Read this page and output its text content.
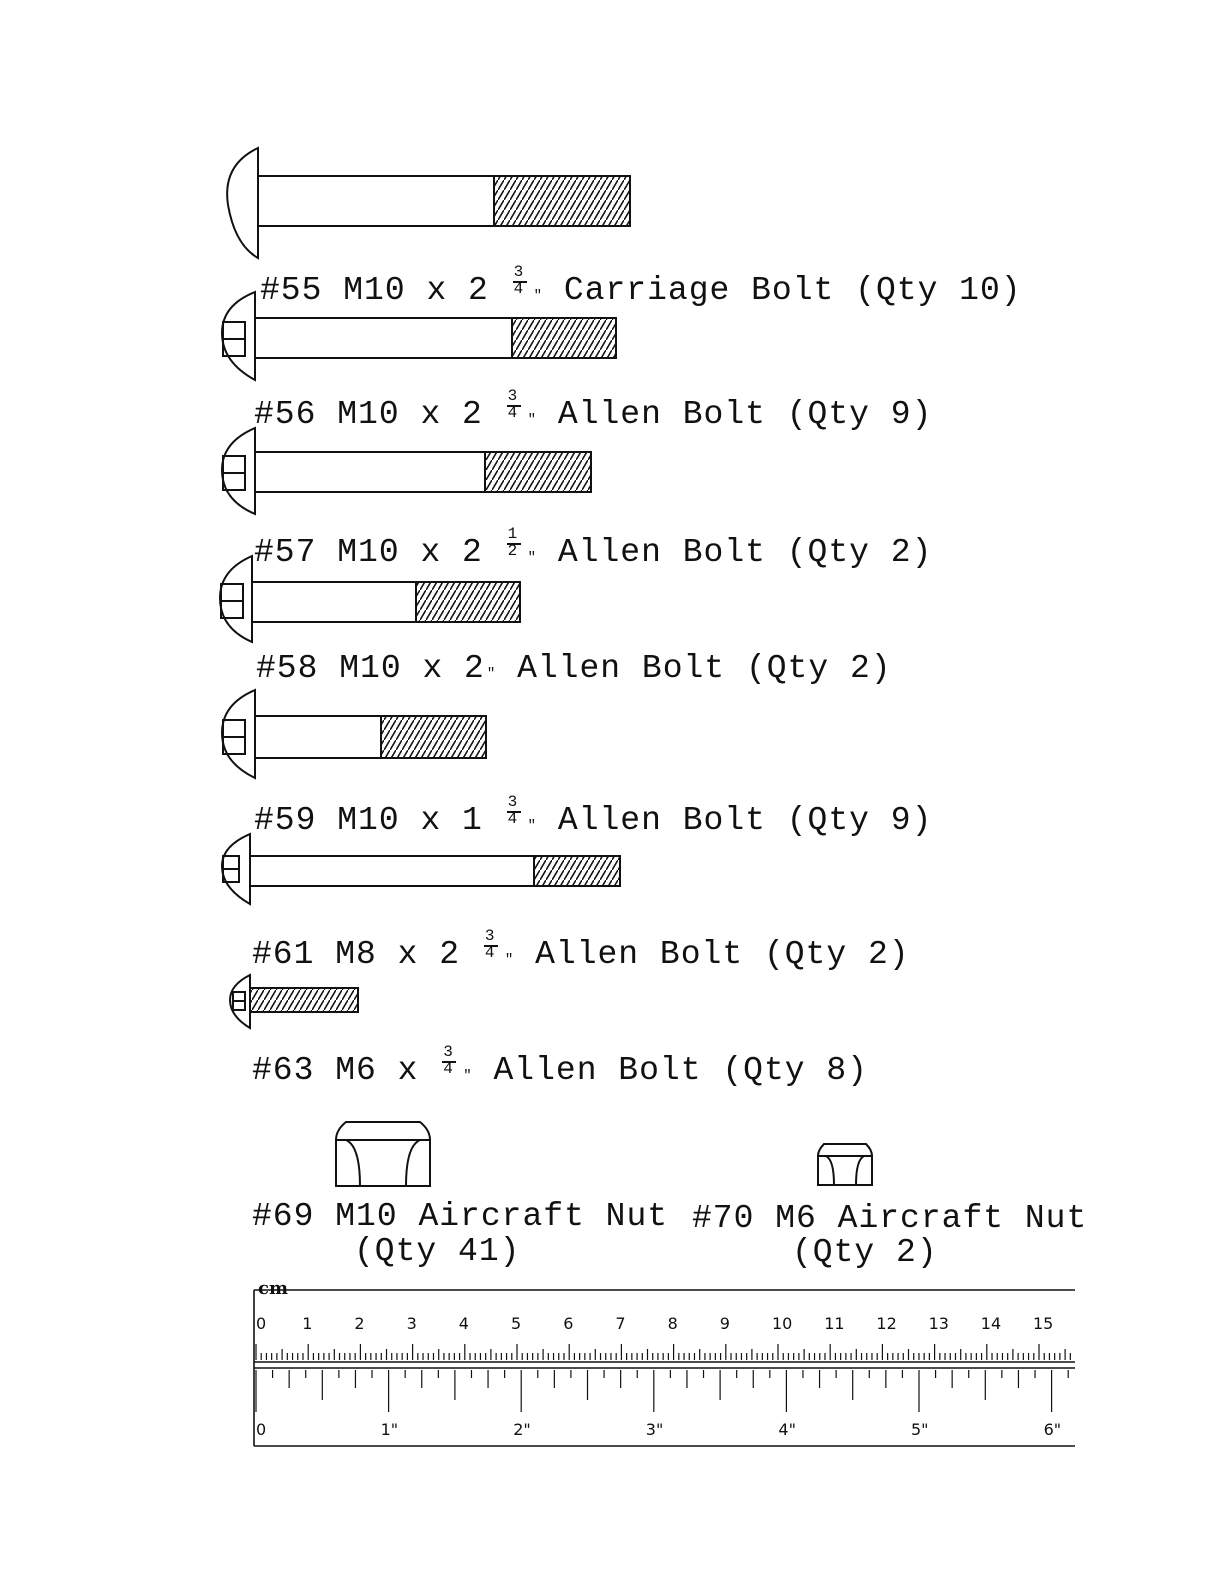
#55 M10 x $2 \frac{3}{4}$ " Carriage Bolt (Qty 10)
#56 M10 x $2 \frac{3}{4}$ " Allen Bolt (Qty 9)
#57 M10 x $2 \frac{1}{2}$ " Allen Bolt (Qty 2)
#58 M10 x 2 " Allen Bolt (Qty 2)
#59 M10 x $1 \frac{3}{4}$ " Allen Bolt (Qty 9)
#61 M8 x $2 \frac{3}{4}$ " Allen Bolt (Qty 2)
#63 M6 x $\frac{3}{4}$ " Allen Bolt (Qty 8)
#69 M10 Aircraft Nut
(Qty 41)
#70 M6 Aircraft Nut
(Qty 2)
cm
0 1	2	3	4	5	6	7	8	9	10 11 12 13 14 15
0	1"	2"	3"	4"	5"	6"
